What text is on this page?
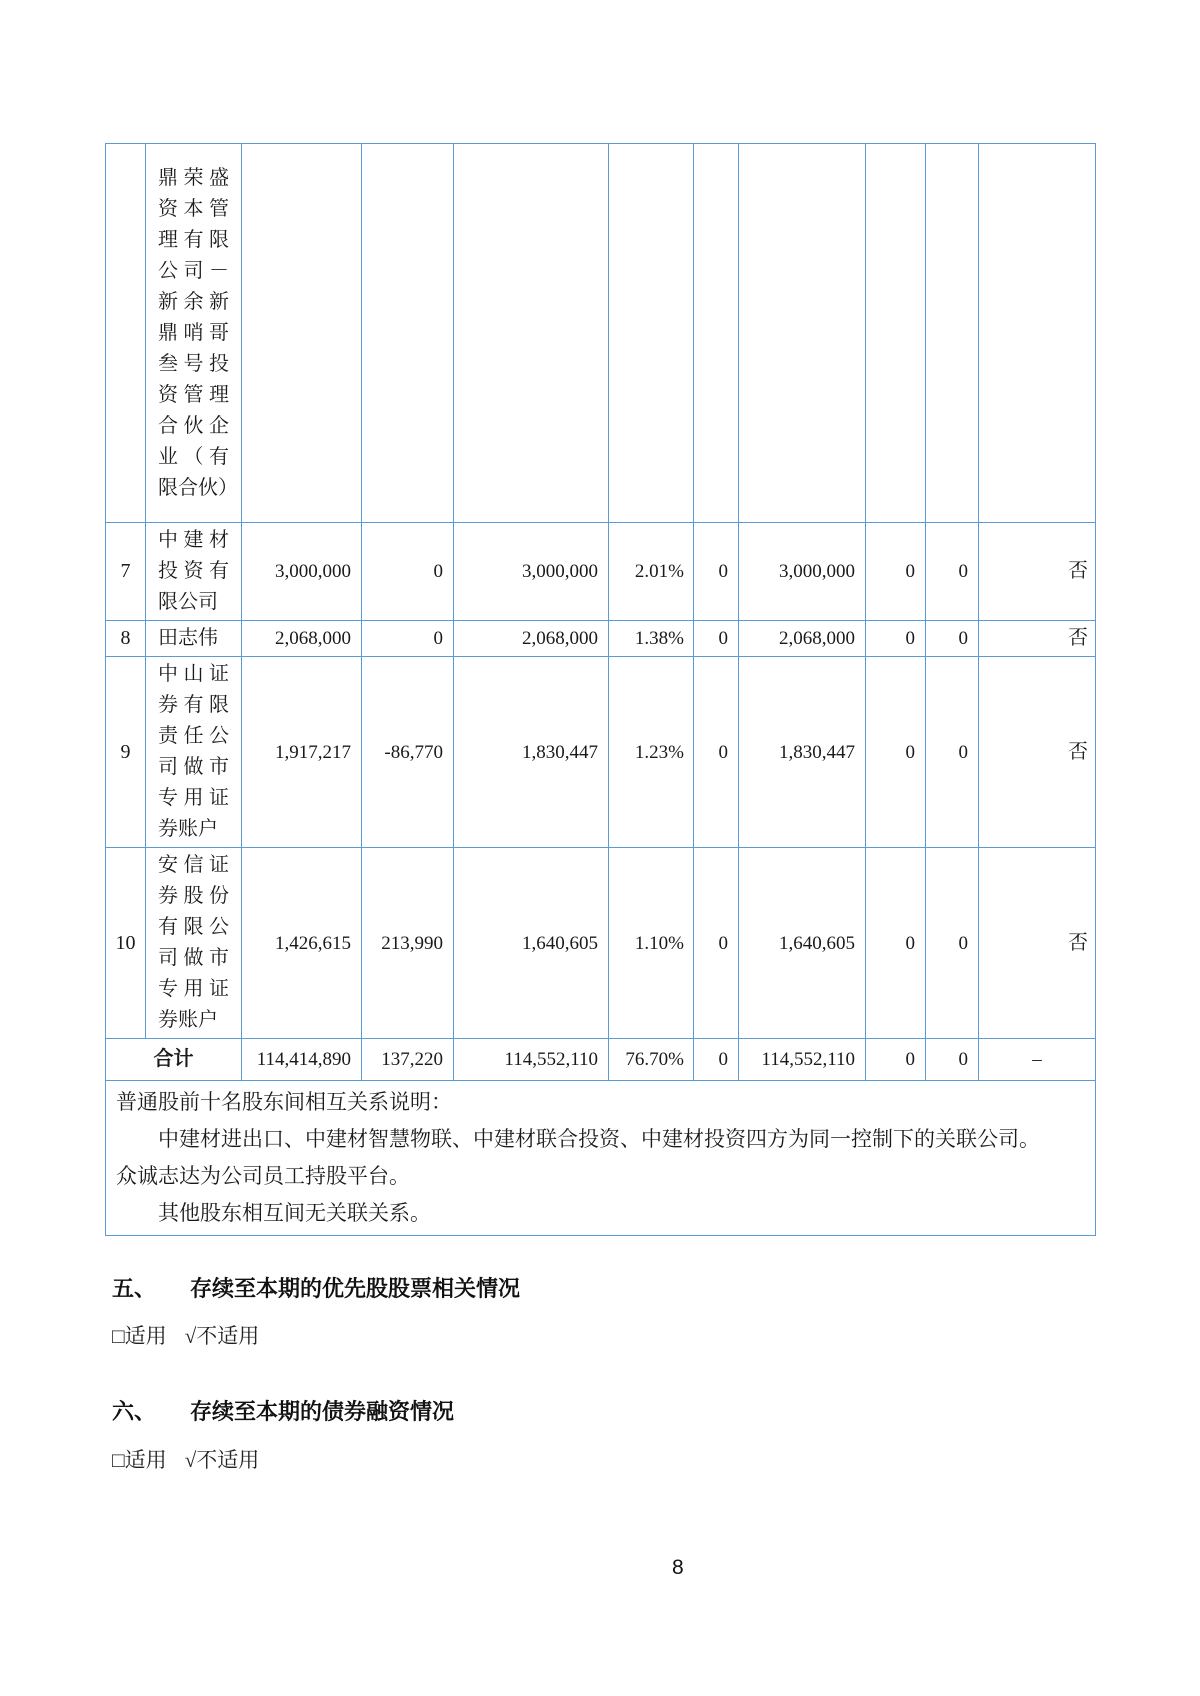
	鼎荣盛资本管理有限公司－新余新鼎哨哥叁号投资管理合伙企业（有限合伙）									
7	中建材投资有限公司	3,000,000	0	3,000,000	2.01%	0	3,000,000	0	0	否
8	田志伟	2,068,000	0	2,068,000	1.38%	0	2,068,000	0	0	否
9	中山证券有限责任公司做市专用证券账户	1,917,217	-86,770	1,830,447	1.23%	0	1,830,447	0	0	否
10	安信证券股份有限公司做市专用证券账户	1,426,615	213,990	1,640,605	1.10%	0	1,640,605	0	0	否
合计		114,414,890	137,220	114,552,110	76.70%	0	114,552,110	0	0	–

普通股前十名股东间相互关系说明：

中建材进出口、中建材智慧物联、中建材联合投资、中建材投资四方为同一控制下的关联公司。

众诚志达为公司员工持股平台。

其他股东相互间无关联关系。										

五、 存续至本期的优先股股票相关情况
□适用 √不适用
六、 存续至本期的债券融资情况
□适用 √不适用
8
